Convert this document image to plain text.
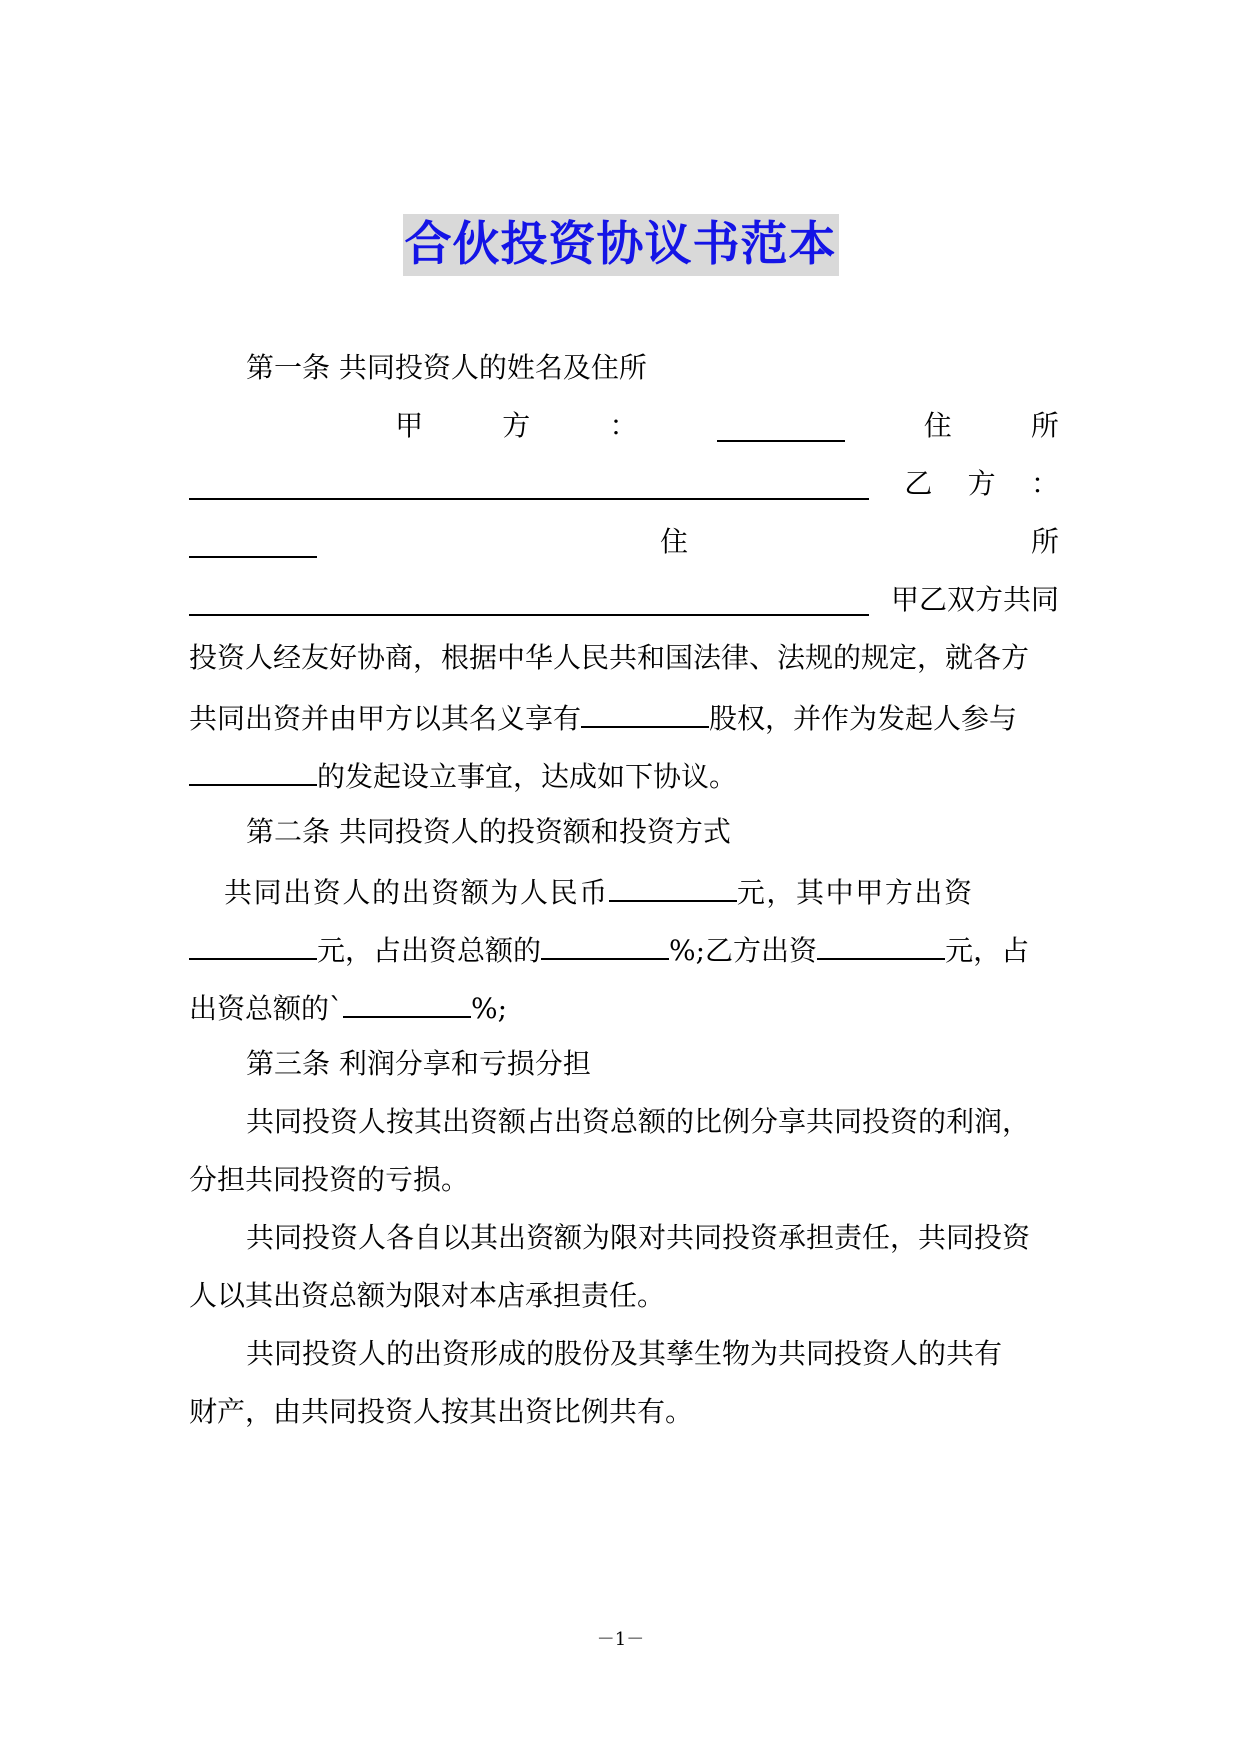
合伙投资协议书范本
第一条 共同投资人的姓名及住所
甲	方	：	住	所
乙 方 ：
住	所
甲乙双方共同
投资人经友好协商，根据中华人民共和国法律、法规的规定，就各方
共同出资并由甲方以其名义享有	股权，并作为发起人参与
的发起设立事宜，达成如下协议。
第二条 共同投资人的投资额和投资方式
共同出资人的出资额为人民币	元，其中甲方出资
元，占出资总额的	%;乙方出资	元，占
出资总额的`	%;
第三条 利润分享和亏损分担
共同投资人按其出资额占出资总额的比例分享共同投资的利润，
分担共同投资的亏损。
共同投资人各自以其出资额为限对共同投资承担责任，共同投资
人以其出资总额为限对本店承担责任。
共同投资人的出资形成的股份及其孳生物为共同投资人的共有
财产，由共同投资人按其出资比例共有。
－1－
